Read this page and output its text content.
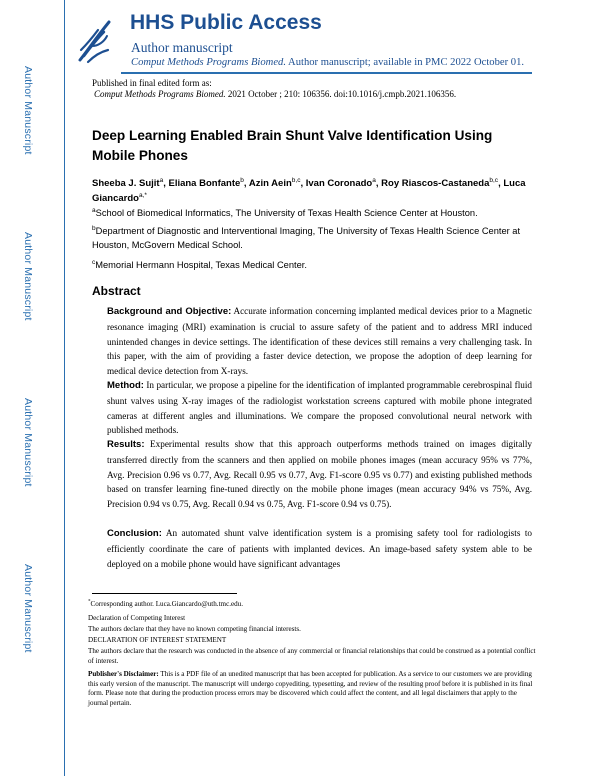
Author Manuscript
Author Manuscript
Author Manuscript
Author Manuscript
HHS Public Access
Author manuscript
Comput Methods Programs Biomed. Author manuscript; available in PMC 2022 October 01.
Published in final edited form as:
Comput Methods Programs Biomed. 2021 October ; 210: 106356. doi:10.1016/j.cmpb.2021.106356.
Deep Learning Enabled Brain Shunt Valve Identification Using Mobile Phones
Sheeba J. Sujit$^a$, Eliana Bonfante$^b$, Azin Aein$^{b,c}$, Ivan Coronado$^a$, Roy Riascos-Castaneda$^{b,c}$, Luca Giancardo$^{a,*}$
$^a$School of Biomedical Informatics, The University of Texas Health Science Center at Houston.
$^b$Department of Diagnostic and Interventional Imaging, The University of Texas Health Science Center at Houston, McGovern Medical School.
$^c$Memorial Hermann Hospital, Texas Medical Center.
Abstract
Background and Objective: Accurate information concerning implanted medical devices prior to a Magnetic resonance imaging (MRI) examination is crucial to assure safety of the patient and to address MRI induced unintended changes in device settings. The identification of these devices still remains a very challenging task. In this paper, with the aim of providing a faster device detection, we propose the adoption of deep learning for medical device detection from X-rays.
Method: In particular, we propose a pipeline for the identification of implanted programmable cerebrospinal fluid shunt valves using X-ray images of the radiologist workstation screens captured with mobile phone integrated cameras at different angles and illuminations. We compare the proposed convolutional neural network with published methods.
Results: Experimental results show that this approach outperforms methods trained on images digitally transferred directly from the scanners and then applied on mobile phones images (mean accuracy 95% vs 77%, Avg. Precision 0.96 vs 0.77, Avg. Recall 0.95 vs 0.77, Avg. F1-score 0.95 vs 0.77) and existing published methods based on transfer learning fine-tuned directly on the mobile phone images (mean accuracy 94% vs 75%, Avg. Precision 0.94 vs 0.75, Avg. Recall 0.94 vs 0.75, Avg. F1-score 0.94 vs 0.75).
Conclusion: An automated shunt valve identification system is a promising safety tool for radiologists to efficiently coordinate the care of patients with implanted devices. An image-based safety system able to be deployed on a mobile phone would have significant advantages
*Corresponding author. Luca.Giancardo@uth.tmc.edu.
Declaration of Competing Interest
The authors declare that they have no known competing financial interests.
DECLARATION OF INTEREST STATEMENT
The authors declare that the research was conducted in the absence of any commercial or financial relationships that could be construed as a potential conflict of interest.
Publisher's Disclaimer: This is a PDF file of an unedited manuscript that has been accepted for publication. As a service to our customers we are providing this early version of the manuscript. The manuscript will undergo copyediting, typesetting, and review of the resulting proof before it is published in its final form. Please note that during the production process errors may be discovered which could affect the content, and all legal disclaimers that apply to the journal pertain.
